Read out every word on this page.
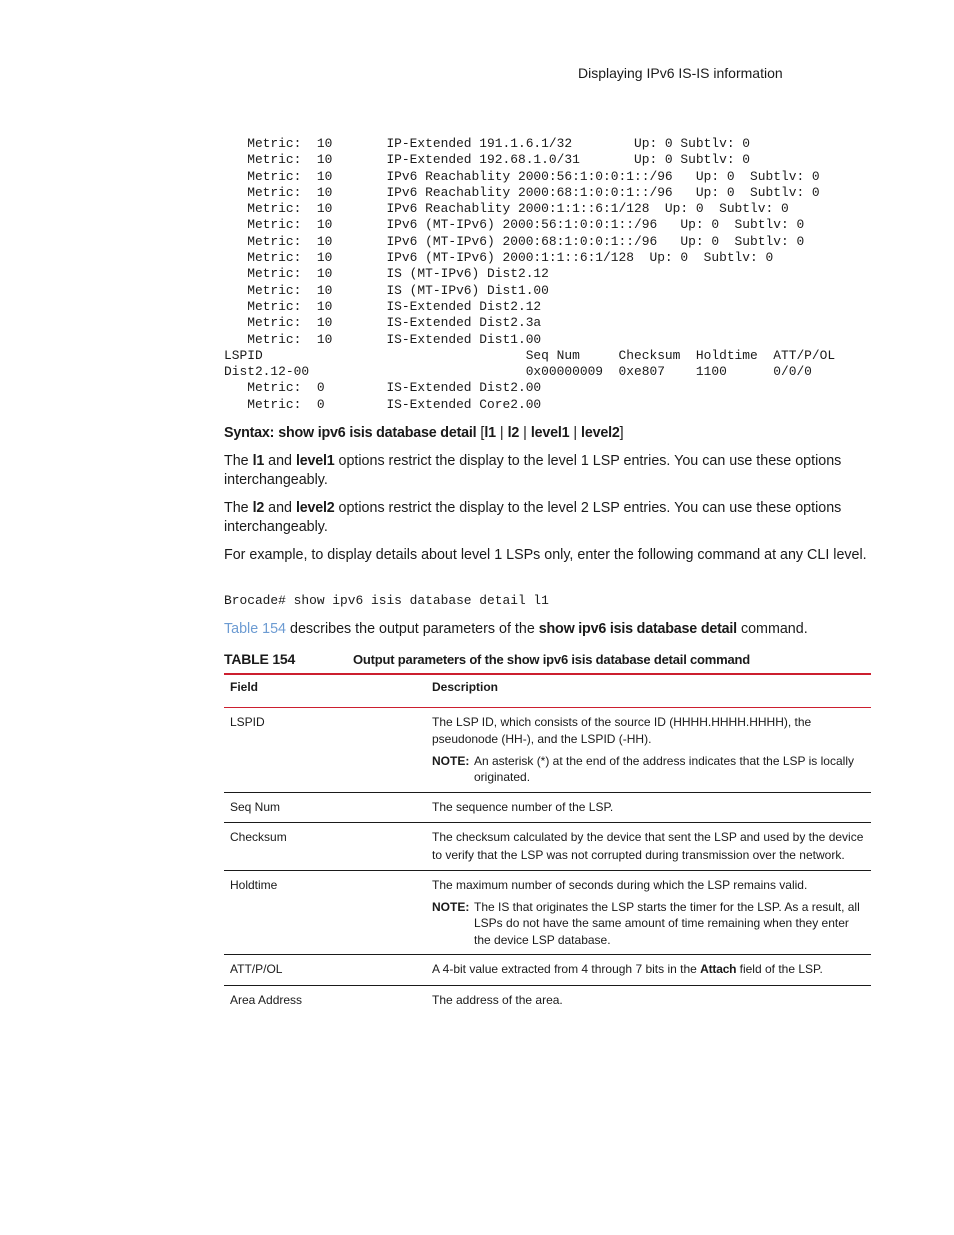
Displaying IPv6 IS-IS information
Metric:  10       IP-Extended 191.1.6.1/32        Up: 0 Subtlv: 0
Metric:  10       IP-Extended 192.68.1.0/31       Up: 0 Subtlv: 0
Metric:  10       IPv6 Reachablity 2000:56:1:0:0:1::/96   Up: 0  Subtlv: 0
Metric:  10       IPv6 Reachablity 2000:68:1:0:0:1::/96   Up: 0  Subtlv: 0
Metric:  10       IPv6 Reachablity 2000:1:1::6:1/128  Up: 0  Subtlv: 0
Metric:  10       IPv6 (MT-IPv6) 2000:56:1:0:0:1::/96   Up: 0  Subtlv: 0
Metric:  10       IPv6 (MT-IPv6) 2000:68:1:0:0:1::/96   Up: 0  Subtlv: 0
Metric:  10       IPv6 (MT-IPv6) 2000:1:1::6:1/128  Up: 0  Subtlv: 0
Metric:  10       IS (MT-IPv6) Dist2.12
Metric:  10       IS (MT-IPv6) Dist1.00
Metric:  10       IS-Extended Dist2.12
Metric:  10       IS-Extended Dist2.3a
Metric:  10       IS-Extended Dist1.00
LSPID                                  Seq Num     Checksum  Holdtime  ATT/P/OL
Dist2.12-00                            0x00000009  0xe807    1100      0/0/0
Metric:  0        IS-Extended Dist2.00
Metric:  0        IS-Extended Core2.00

Syntax: show ipv6 isis database detail [l1 | l2 | level1 | level2]

The l1 and level1 options restrict the display to the level 1 LSP entries. You can use these options interchangeably.

The l2 and level2 options restrict the display to the level 2 LSP entries. You can use these options interchangeably.

For example, to display details about level 1 LSPs only, enter the following command at any CLI level.

Brocade# show ipv6 isis database detail l1

Table 154 describes the output parameters of the show ipv6 isis database detail command.

TABLE 154	Output parameters of the show ipv6 isis database detail command
Field	Description
LSPID	The LSP ID, which consists of the source ID (HHHH.HHHH.HHHH), the pseudonode (HH-), and the LSPID (-HH).
NOTE: An asterisk (*) at the end of the address indicates that the LSP is locally originated.

Seq Num	The sequence number of the LSP.
Checksum	The checksum calculated by the device that sent the LSP and used by the device to verify that the LSP was not corrupted during transmission over the network.
Holdtime	The maximum number of seconds during which the LSP remains valid.
NOTE: The IS that originates the LSP starts the timer for the LSP. As a result, all LSPs do not have the same amount of time remaining when they enter the device LSP database.

ATT/P/OL	A 4-bit value extracted from 4 through 7 bits in the Attach field of the LSP.
Area Address	The address of the area.
